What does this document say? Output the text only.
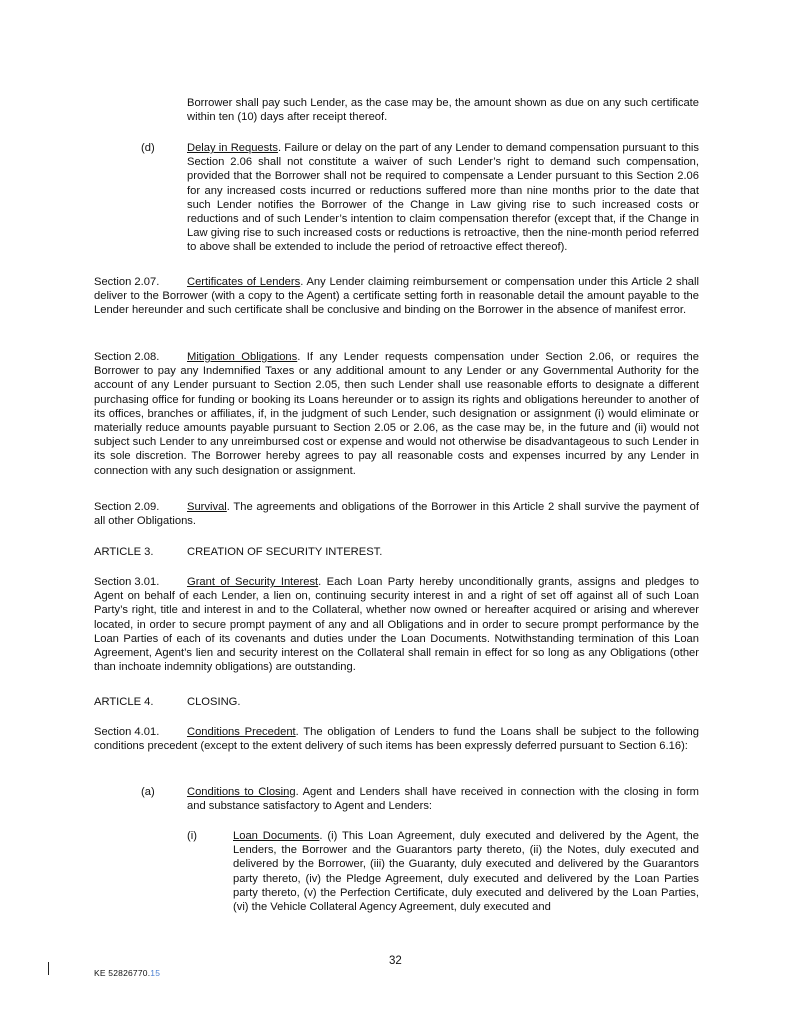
Borrower shall pay such Lender, as the case may be, the amount shown as due on any such certificate within ten (10) days after receipt thereof.
(d)	Delay in Requests. Failure or delay on the part of any Lender to demand compensation pursuant to this Section 2.06 shall not constitute a waiver of such Lender’s right to demand such compensation, provided that the Borrower shall not be required to compensate a Lender pursuant to this Section 2.06 for any increased costs incurred or reductions suffered more than nine months prior to the date that such Lender notifies the Borrower of the Change in Law giving rise to such increased costs or reductions and of such Lender’s intention to claim compensation therefor (except that, if the Change in Law giving rise to such increased costs or reductions is retroactive, then the nine-month period referred to above shall be extended to include the period of retroactive effect thereof).
Section 2.07. Certificates of Lenders. Any Lender claiming reimbursement or compensation under this Article 2 shall deliver to the Borrower (with a copy to the Agent) a certificate setting forth in reasonable detail the amount payable to the Lender hereunder and such certificate shall be conclusive and binding on the Borrower in the absence of manifest error.
Section 2.08. Mitigation Obligations. If any Lender requests compensation under Section 2.06, or requires the Borrower to pay any Indemnified Taxes or any additional amount to any Lender or any Governmental Authority for the account of any Lender pursuant to Section 2.05, then such Lender shall use reasonable efforts to designate a different purchasing office for funding or booking its Loans hereunder or to assign its rights and obligations hereunder to another of its offices, branches or affiliates, if, in the judgment of such Lender, such designation or assignment (i) would eliminate or materially reduce amounts payable pursuant to Section 2.05 or 2.06, as the case may be, in the future and (ii) would not subject such Lender to any unreimbursed cost or expense and would not otherwise be disadvantageous to such Lender in its sole discretion. The Borrower hereby agrees to pay all reasonable costs and expenses incurred by any Lender in connection with any such designation or assignment.
Section 2.09. Survival. The agreements and obligations of the Borrower in this Article 2 shall survive the payment of all other Obligations.
ARTICLE 3.	CREATION OF SECURITY INTEREST.
Section 3.01. Grant of Security Interest. Each Loan Party hereby unconditionally grants, assigns and pledges to Agent on behalf of each Lender, a lien on, continuing security interest in and a right of set off against all of such Loan Party’s right, title and interest in and to the Collateral, whether now owned or hereafter acquired or arising and wherever located, in order to secure prompt payment of any and all Obligations and in order to secure prompt performance by the Loan Parties of each of its covenants and duties under the Loan Documents. Notwithstanding termination of this Loan Agreement, Agent’s lien and security interest on the Collateral shall remain in effect for so long as any Obligations (other than inchoate indemnity obligations) are outstanding.
ARTICLE 4.	CLOSING.
Section 4.01. Conditions Precedent. The obligation of Lenders to fund the Loans shall be subject to the following conditions precedent (except to the extent delivery of such items has been expressly deferred pursuant to Section 6.16):
(a)	Conditions to Closing. Agent and Lenders shall have received in connection with the closing in form and substance satisfactory to Agent and Lenders:
(i)	Loan Documents. (i) This Loan Agreement, duly executed and delivered by the Agent, the Lenders, the Borrower and the Guarantors party thereto, (ii) the Notes, duly executed and delivered by the Borrower, (iii) the Guaranty, duly executed and delivered by the Guarantors party thereto, (iv) the Pledge Agreement, duly executed and delivered by the Loan Parties party thereto, (v) the Perfection Certificate, duly executed and delivered by the Loan Parties, (vi) the Vehicle Collateral Agency Agreement, duly executed and
32
KE 52826770.15
